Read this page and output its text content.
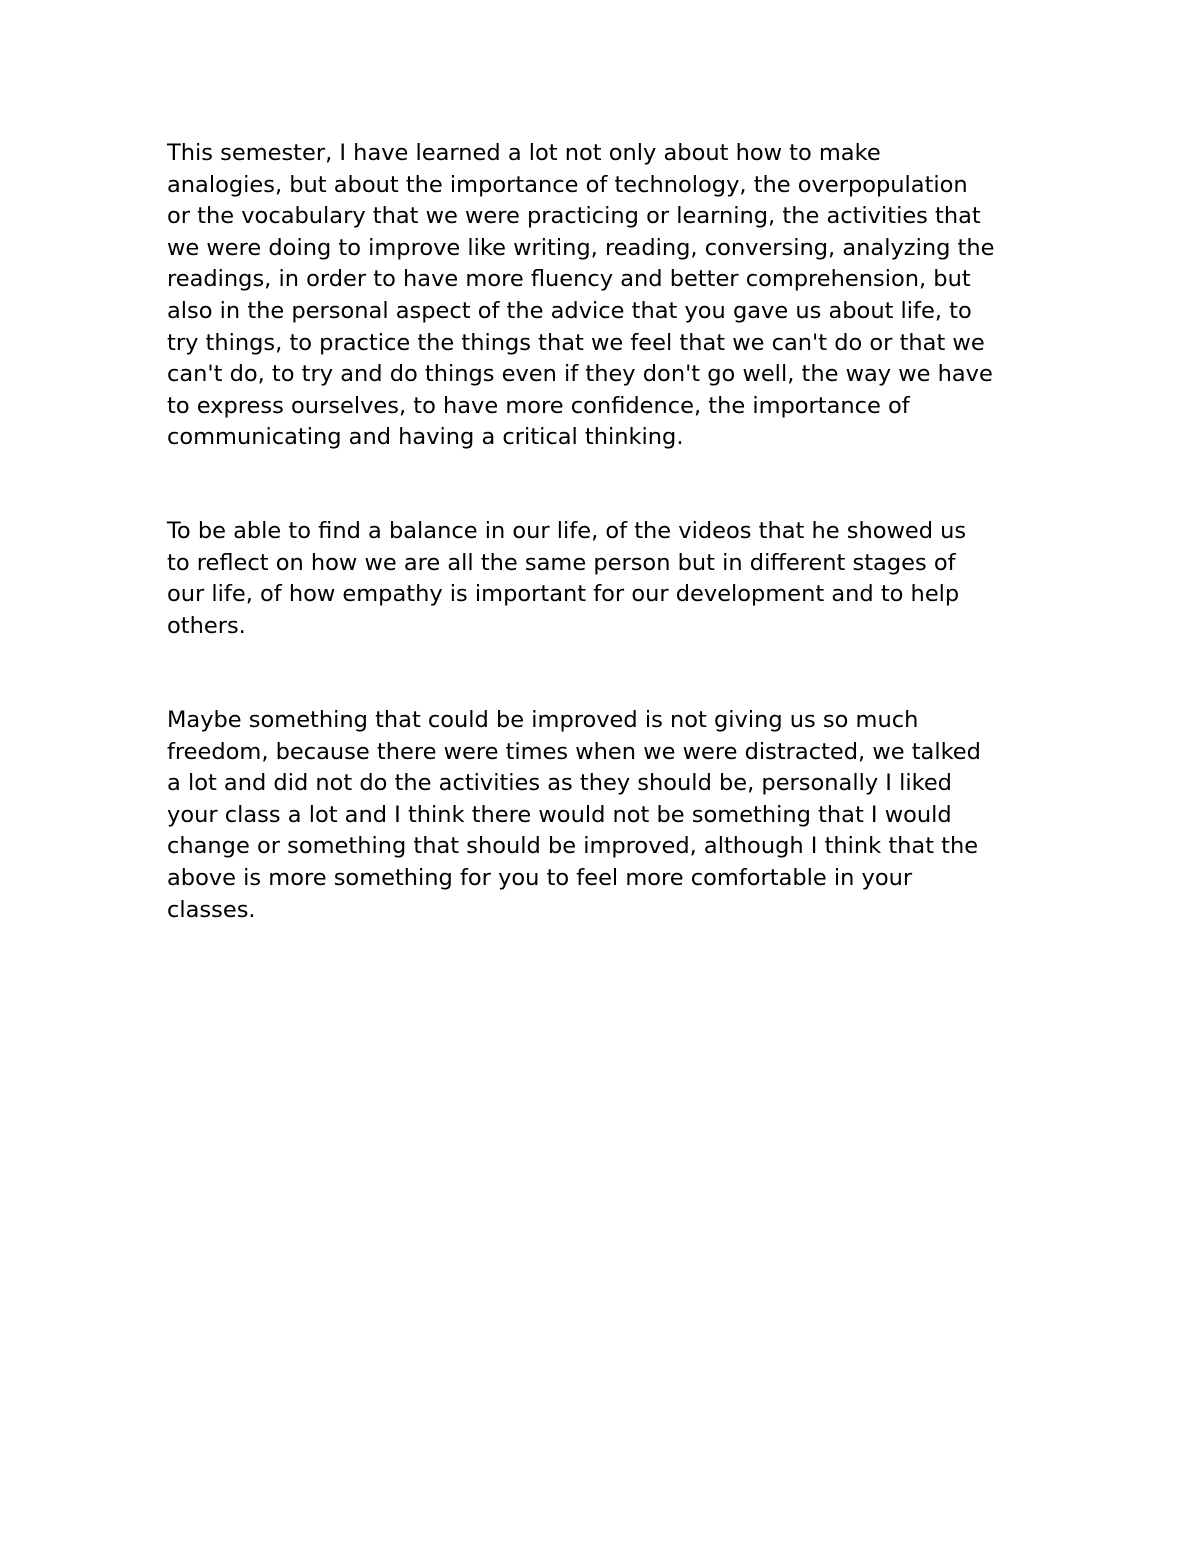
This semester, I have learned a lot not only about how to make
analogies, but about the importance of technology, the overpopulation
or the vocabulary that we were practicing or learning, the activities that
we were doing to improve like writing, reading, conversing, analyzing the
readings, in order to have more fluency and better comprehension, but
also in the personal aspect of the advice that you gave us about life, to
try things, to practice the things that we feel that we can't do or that we
can't do, to try and do things even if they don't go well, the way we have
to express ourselves, to have more confidence, the importance of
communicating and having a critical thinking.
To be able to find a balance in our life, of the videos that he showed us
to reflect on how we are all the same person but in different stages of
our life, of how empathy is important for our development and to help
others.
Maybe something that could be improved is not giving us so much
freedom, because there were times when we were distracted, we talked
a lot and did not do the activities as they should be, personally I liked
your class a lot and I think there would not be something that I would
change or something that should be improved, although I think that the
above is more something for you to feel more comfortable in your
classes.
